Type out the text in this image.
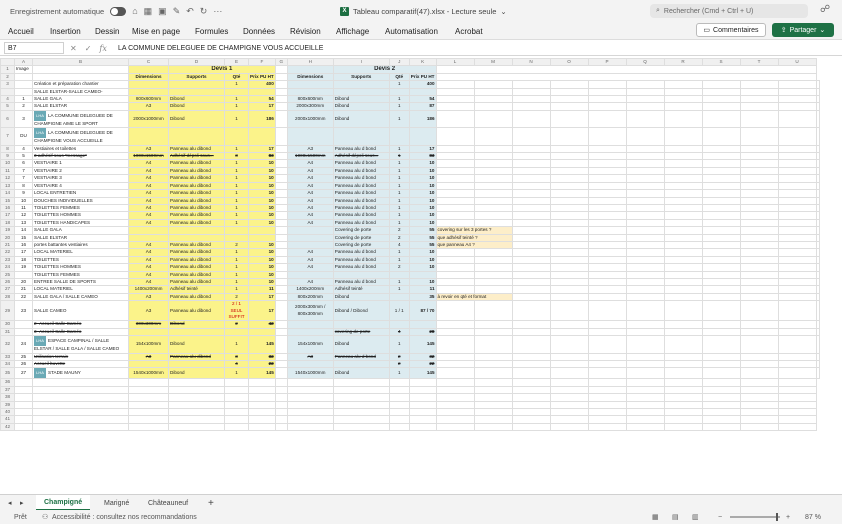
Enregistrement automatique	⌂ ▦ ▣ ✎ ↶ ↻ ···	X Tableau comparatif(47).xlsx - Lecture seule ⌄	⌕ Rechercher (Cmd + Ctrl + U)	☍
Accueil Insertion Dessin Mise en page Formules Données Révision Affichage Automatisation Acrobat	▭ Commentaires	⇪ Partager ⌄
B7	✕ ✓ fx LA COMMUNE DELEGUEE DE CHAMPIGNE VOUS ACCUEILLE
	A	B	C	D	E	F	G	H	I	J	K	L	M	N	O	P	Q	R	S	T	U	
1	Image			Devis 1					Devis 2													
2			Dimensions	Supports	Qté	Prix PU HT		Dimensions	Supports	Qté	Prix PU HT											
3		Création et préparation chantier			1	400				1	400											
		SALLE ELSTAR-SALLE CAMEO-																				
4	1	SALLE GALA	800x600mm	Dibond	1	54		800x600mm	Dibond	1	54											
5	2	SALLE ELSTAR	A3	Dibond	1	17		2000x300mm	Dibond	1	87											
6	3	LHA LA COMMUNE DELEGUEE DE CHAMPIGNE AIME LE SPORT	2000x1000mm	Dibond	1	186		2000x1000mm	Dibond	1	186											
7	DU	LHA LA COMMUNE DELEGUEE DE CHAMPIGNE VOUS ACCUEILLE																				
8	4	Vestiaires et toilettes	A3	Panneau alu dibond	1	17		A3	Panneau alu d bond	1	17											
9	5	3 adhésif sous "message"	1000x1500mm	Adhésif dépoli sous...	3	83		1000x1500mm	Adhésif dépoli sous...	1	83											
10	6	VESTIAIRE 1	A4	Panneau alu dibond	1	10		A4	Panneau alu d bond	1	10											
11	7	VESTIAIRE 2	A4	Panneau alu dibond	1	10		A4	Panneau alu d bond	1	10											
12	7	VESTIAIRE 3	A4	Panneau alu dibond	1	10		A4	Panneau alu d bond	1	10											
13	8	VESTIAIRE 4	A4	Panneau alu dibond	1	10		A4	Panneau alu d bond	1	10											
14	9	LOCAL ENTRETIEN	A4	Panneau alu dibond	1	10		A4	Panneau alu d bond	1	10											
15	10	DOUCHES INDIVIDUELLES	A4	Panneau alu dibond	1	10		A4	Panneau alu d bond	1	10											
16	11	TOILETTES FEMMES	A4	Panneau alu dibond	1	10		A4	Panneau alu d bond	1	10											
17	12	TOILETTES HOMMES	A4	Panneau alu dibond	1	10		A4	Panneau alu d bond	1	10											
18	13	TOILETTES HANDICAPES	A4	Panneau alu dibond	1	10		A4	Panneau alu d bond	1	10											
19	14	SALLE GALA							Covering de porte	2	55	covering sur les 3 portes ?										
20	15	SALLE ELSTAR							Covering de porte	2	55	que adhésif teinté ?										
21	16	portes battantes vestiaires	A4	Panneau alu dibond	2	10			Covering de porte	4	55	que panneau A4 ?										
22	17	LOCAL MATERIEL	A4	Panneau alu dibond	1	10		A4	Panneau alu d bond	1	10											
23	18	TOILETTES	A4	Panneau alu dibond	1	10		A4	Panneau alu d bond	1	10											
24	19	TOILETTES HOMMES	A4	Panneau alu dibond	1	10		A4	Panneau alu d bond	2	10											
25		TOILETTES FEMMES	A4	Panneau alu dibond	1	10																
26	20	ENTREE SALLE DE SPORTS	A4	Panneau alu dibond	1	10		A4	Panneau alu d bond	1	10											
27	21	LOCAL MATERIEL	1400x200mm	Adhésif teinté	1	11		1400x200mm	Adhésif teinté	1	11											
28	22	SALLE GALA / SALLE CAMEO	A3	Panneau alu dibond	2	17		800x200mm	Dibond		35	à revoir en qté et format										
29	23	SALLE CAMEO	A3	Panneau alu dibond	2 / 1 SEUL SUFFIT	17		2000x300mm / 800x300mm	Dibond / Dibond	1 / 1	87 / 70											
30		2- Accueil Salle Caméo	300x300mm	Dibond	2	42																
31		3- Accueil Salle Caméo							covering de porte	4	28											
32	24	LHA ESPACE CAMPINAL / SALLE ELSTAR / SALLE GALA / SALLE CAMEO	154x100mm	Dibond	1	145		154x100mm	Dibond	1	145											
33	25	Utilisation terrain	A3	Panneau alu dibond	3	32		A3	Panneau alu d bond	2	32											
34	26	Accueil buvette			4	22				2	22											
35	27	LHA STADE MAUNY	1540x1000mm	Dibond	1	145		1540x1000mm	Dibond	1	145											
36																						
37																						
38																						
39																						
40																						
41																						
42																						
◂ ▸	Champigné	Marigné	Châteauneuf +
Prêt ⚇ Accessibilité : consultez nos recommandations	▦ ▤ ▥	−	+ 87 %
